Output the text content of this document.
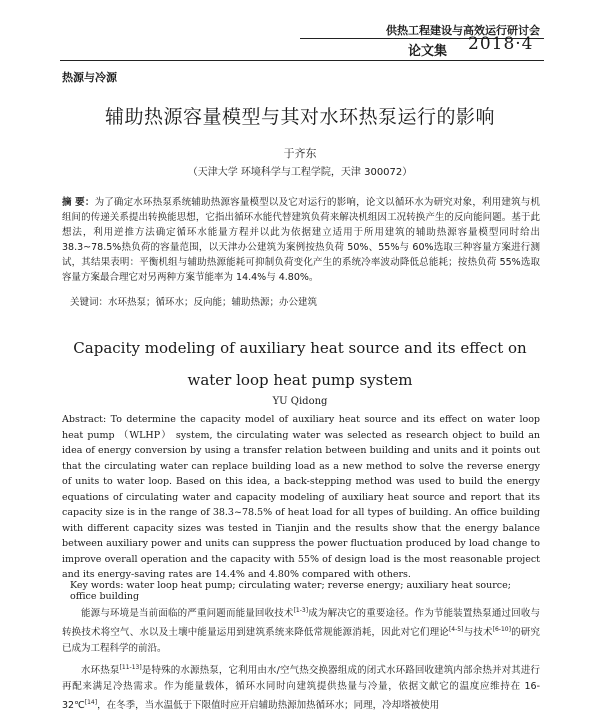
供热工程建设与高效运行研讨会
论文集 2018·4
热源与冷源
辅助热源容量模型与其对水环热泵运行的影响
于齐东
（天津大学 环境科学与工程学院，天津 300072）
摘 要：为了确定水环热泵系统辅助热源容量模型以及它对运行的影响，论文以循环水为研究对象，利用建筑与机组间的传递关系提出转换能思想，它指出循环水能代替建筑负荷来解决机组因工况转换产生的反向能问题。基于此想法，利用逆推方法确定循环水能量方程并以此为依据建立适用于所用建筑的辅助热源容量模型同时给出 38.3~78.5%热负荷的容量范围，以天津办公建筑为案例按热负荷 50%、55%与 60%选取三种容量方案进行测试，其结果表明：平衡机组与辅助热源能耗可抑制负荷变化产生的系统冷率波动降低总能耗；按热负荷 55%选取容量方案最合理它对另两种方案节能率为 14.4%与 4.80%。
关键词：水环热泵；循环水；反向能；辅助热源；办公建筑
Capacity modeling of auxiliary heat source and its effect on water loop heat pump system
YU Qidong
Abstract: To determine the capacity model of auxiliary heat source and its effect on water loop heat pump （WLHP） system, the circulating water was selected as research object to build an idea of energy conversion by using a transfer relation between building and units and it points out that the circulating water can replace building load as a new method to solve the reverse energy of units to water loop. Based on this idea, a back-stepping method was used to build the energy equations of circulating water and capacity modeling of auxiliary heat source and report that its capacity size is in the range of 38.3~78.5% of heat load for all types of building. An office building with different capacity sizes was tested in Tianjin and the results show that the energy balance between auxiliary power and units can suppress the power fluctuation produced by load change to improve overall operation and the capacity with 55% of design load is the most reasonable project and its energy-saving rates are 14.4% and 4.80% compared with others.
Key words: water loop heat pump; circulating water; reverse energy; auxiliary heat source; office building

能源与环境是当前面临的严重问题而能量回收技术[1-3]成为解决它的重要途径。作为节能装置热泵通过回收与转换技术将空气、水以及土壤中能量运用到建筑系统来降低常规能源消耗，因此对它们理论[4-5]与技术[6-10]的研究已成为工程科学的前沿。

水环热泵[11-13]是特殊的水源热泵，它利用由水/空气热交换器组成的闭式水环路回收建筑内部余热并对其进行再配来满足冷热需求。作为能量载体，循环水同时向建筑提供热量与冷量，依据文献它的温度应维持在 16-32℃[14]，在冬季，当水温低于下限值时应开启辅助热源加热循环水；同理，冷却塔被使用
